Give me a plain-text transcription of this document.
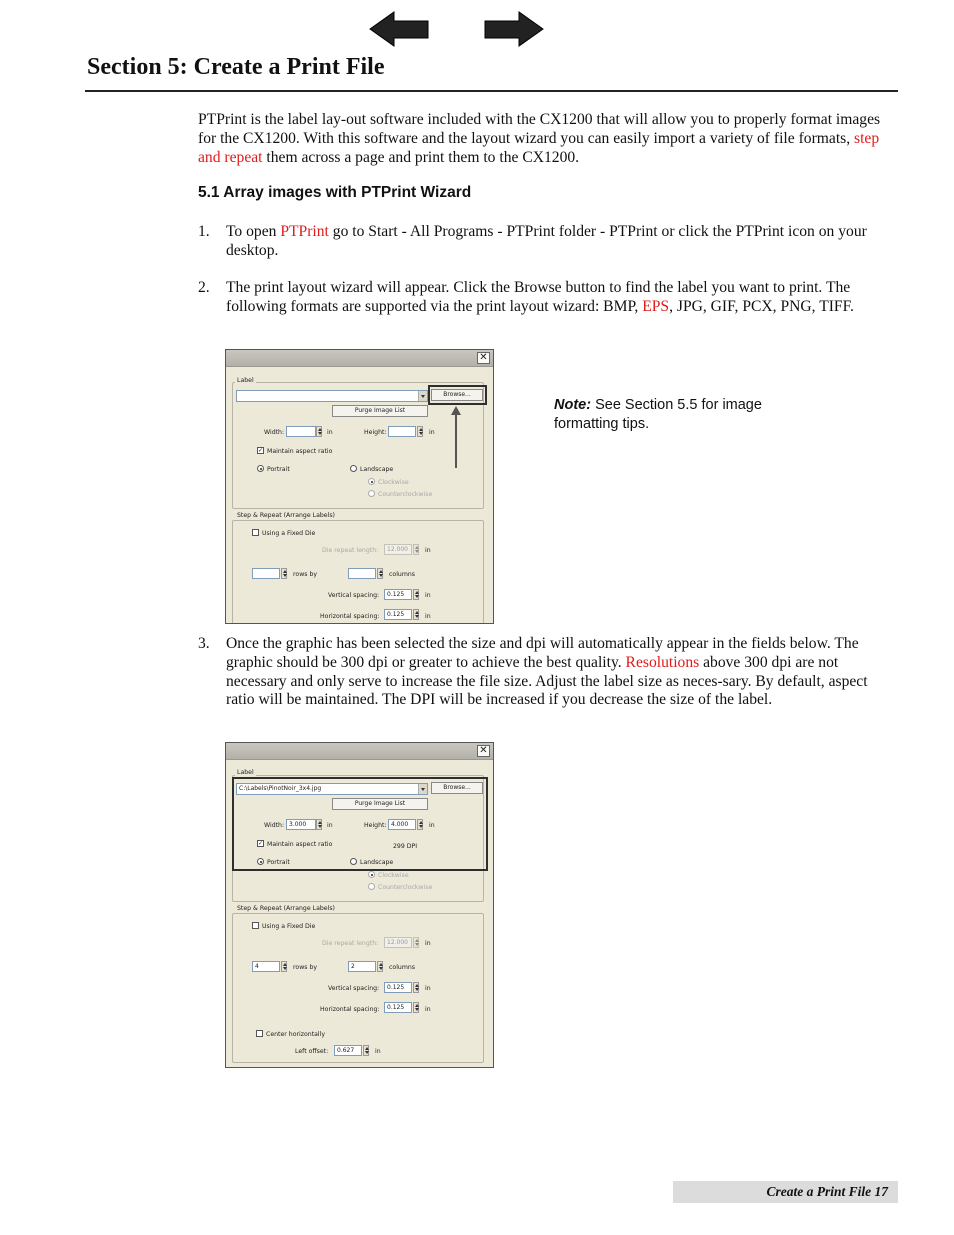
Section 5: Create a Print File
PTPrint is the label lay-out software included with the CX1200 that will allow you to properly format images for the CX1200. With this software and the layout wizard you can easily import a variety of file formats, step and repeat them across a page and print them to the CX1200.
5.1 Array images with PTPrint Wizard
1. To open PTPrint go to Start - All Programs - PTPrint folder - PTPrint or click the PTPrint icon on your desktop.
2. The print layout wizard will appear. Click the Browse button to find the label you want to print. The following formats are supported via the print layout wizard: BMP, EPS, JPG, GIF, PCX, PNG, TIFF.
✕
Label
Browse...
Purge Image List
Width:	in	Height:	in
✓ Maintain aspect ratio
Portrait	Landscape
Clockwise
Counterclockwise
Step & Repeat (Arrange Labels)
Using a Fixed Die
Die repeat length:	12.000	in
rows by	columns
Vertical spacing:	0.125	in
Horizontal spacing:	0.125	in
Note: See Section 5.5 for image formatting tips.
3. Once the graphic has been selected the size and dpi will automatically appear in the fields below. The graphic should be 300 dpi or greater to achieve the best quality. Resolutions above 300 dpi are not necessary and only serve to increase the file size. Adjust the label size as neces-sary. By default, aspect ratio will be maintained. The DPI will be increased if you decrease the size of the label.
✕
Label
C:\Labels\PinotNoir_3x4.jpg	Browse...
Purge Image List
Width: 3.000	in	Height: 4.000	in
✓ Maintain aspect ratio	299 DPI
Portrait	Landscape
Clockwise
Counterclockwise
Step & Repeat (Arrange Labels)
Using a Fixed Die
Die repeat length:	12.000	in
4	rows by	2	columns
Vertical spacing:	0.125	in
Horizontal spacing:	0.125	in
Center horizontally
Left offset:	0.627	in
Create a Print File 17
